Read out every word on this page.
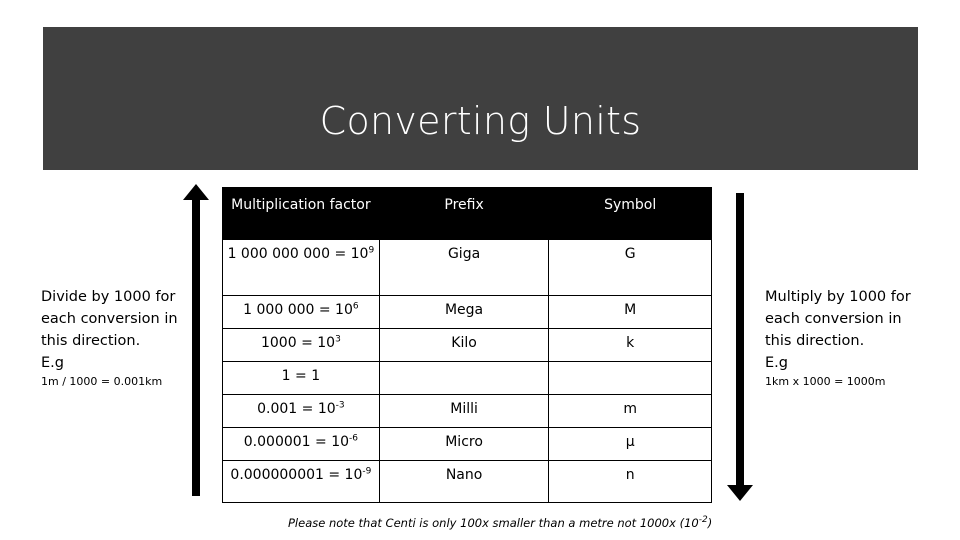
Converting Units
Divide by 1000 for each conversion in this direction.
E.g
1m / 1000 = 0.001km
Multiply by 1000 for each conversion in this direction.
E.g
1km x 1000 = 1000m
Multiplication factor	Prefix	Symbol
1 000 000 $000 = 10^9$	Giga	G
1 000 $000 = 10^6$	Mega	M
$1000 = 10^3$	Kilo	k
1 = 1		
$0.001 = 10^{-3}$	Milli	m
$0.000001 = 10^{-6}$	Micro	μ
$0.000000001 = 10^{-9}$	Nano	n
Please note that Centi is only 100x smaller than a metre not 1000x $(10^{-2})$
